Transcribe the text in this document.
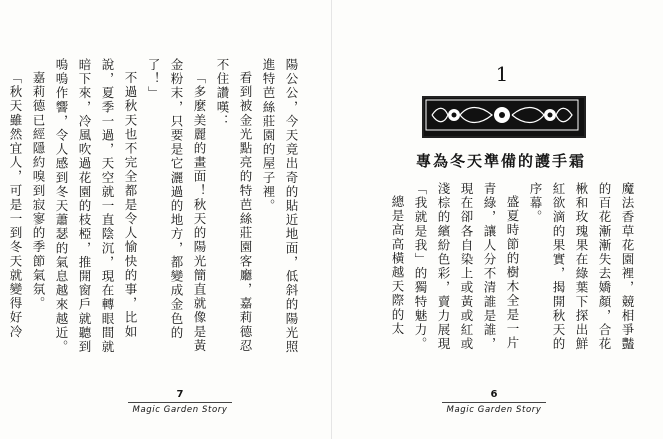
陽公公，今天竟出奇的貼近地面，低斜的陽光照進特芭絲莊園的屋子裡。

看到被金光點亮的特芭絲莊園客廳，嘉莉德忍不住讚嘆：

「多麼美麗的畫面！秋天的陽光簡直就像是黃金粉末，只要是它灑過的地方，都變成金色的了！」

不過秋天也不完全都是令人愉快的事，比如說，夏季一過，天空就一直陰沉，現在轉眼間就暗下來，冷風吹過花園的枝椏，推開窗戶就聽到嗚嗚作響，令人感到冬天蕭瑟的氣息越來越近。

嘉莉德已經隱約嗅到寂寥的季節氣氛。

「秋天雖然宜人，可是一到冬天就變得好冷

7
Magic Garden Story
1
專為冬天準備的護手霜

魔法香草花園裡，競相爭豔的百花漸漸失去嬌顏，合花楸和玫瑰果在綠葉下探出鮮紅欲滴的果實，揭開秋天的序幕。

盛夏時節的樹木全是一片青綠，讓人分不清誰是誰，現在卻各自染上或黃或紅或淺棕的繽紛色彩，賣力展現「我就是我」的獨特魅力。

總是高高橫越天際的太

6
Magic Garden Story
